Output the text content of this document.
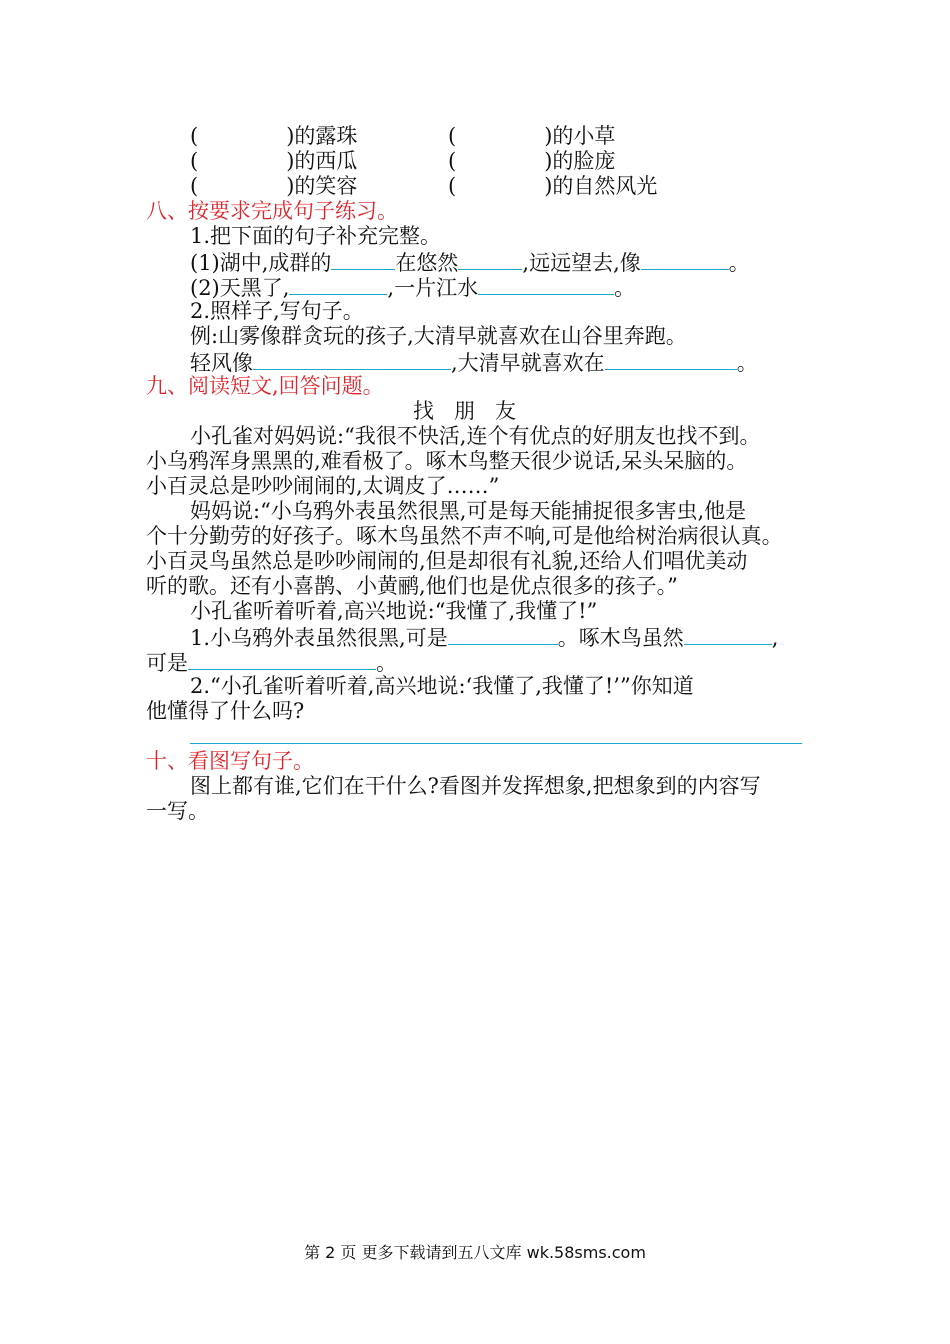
(	)的露珠	(	)的小草
(	)的西瓜	(	)的脸庞
(	)的笑容	(	)的自然风光
八、按要求完成句子练习。
1.把下面的句子补充完整。
(1)湖中,成群的	在悠然	,远远望去,像	。
(2)天黑了,	,一片江水	。
2.照样子,写句子。
例:山雾像群贪玩的孩子,大清早就喜欢在山谷里奔跑。
轻风像	,大清早就喜欢在	。
九、阅读短文,回答问题。
找朋友
小孔雀对妈妈说:“我很不快活,连个有优点的好朋友也找不到。
小乌鸦浑身黑黑的,难看极了。啄木鸟整天很少说话,呆头呆脑的。
小百灵总是吵吵闹闹的,太调皮了……”
妈妈说:“小乌鸦外表虽然很黑,可是每天能捕捉很多害虫,他是
个十分勤劳的好孩子。啄木鸟虽然不声不响,可是他给树治病很认真。
小百灵鸟虽然总是吵吵闹闹的,但是却很有礼貌,还给人们唱优美动
听的歌。还有小喜鹊、小黄鹂,他们也是优点很多的孩子。”
小孔雀听着听着,高兴地说:“我懂了,我懂了!”
1.小乌鸦外表虽然很黑,可是	。啄木鸟虽然	,
可是	。
2.“小孔雀听着听着,高兴地说:‘我懂了,我懂了!’”你知道
他懂得了什么吗?
十、看图写句子。
图上都有谁,它们在干什么?看图并发挥想象,把想象到的内容写
一写。
第 2 页 更多下载请到五八文库 wk.58sms.com
